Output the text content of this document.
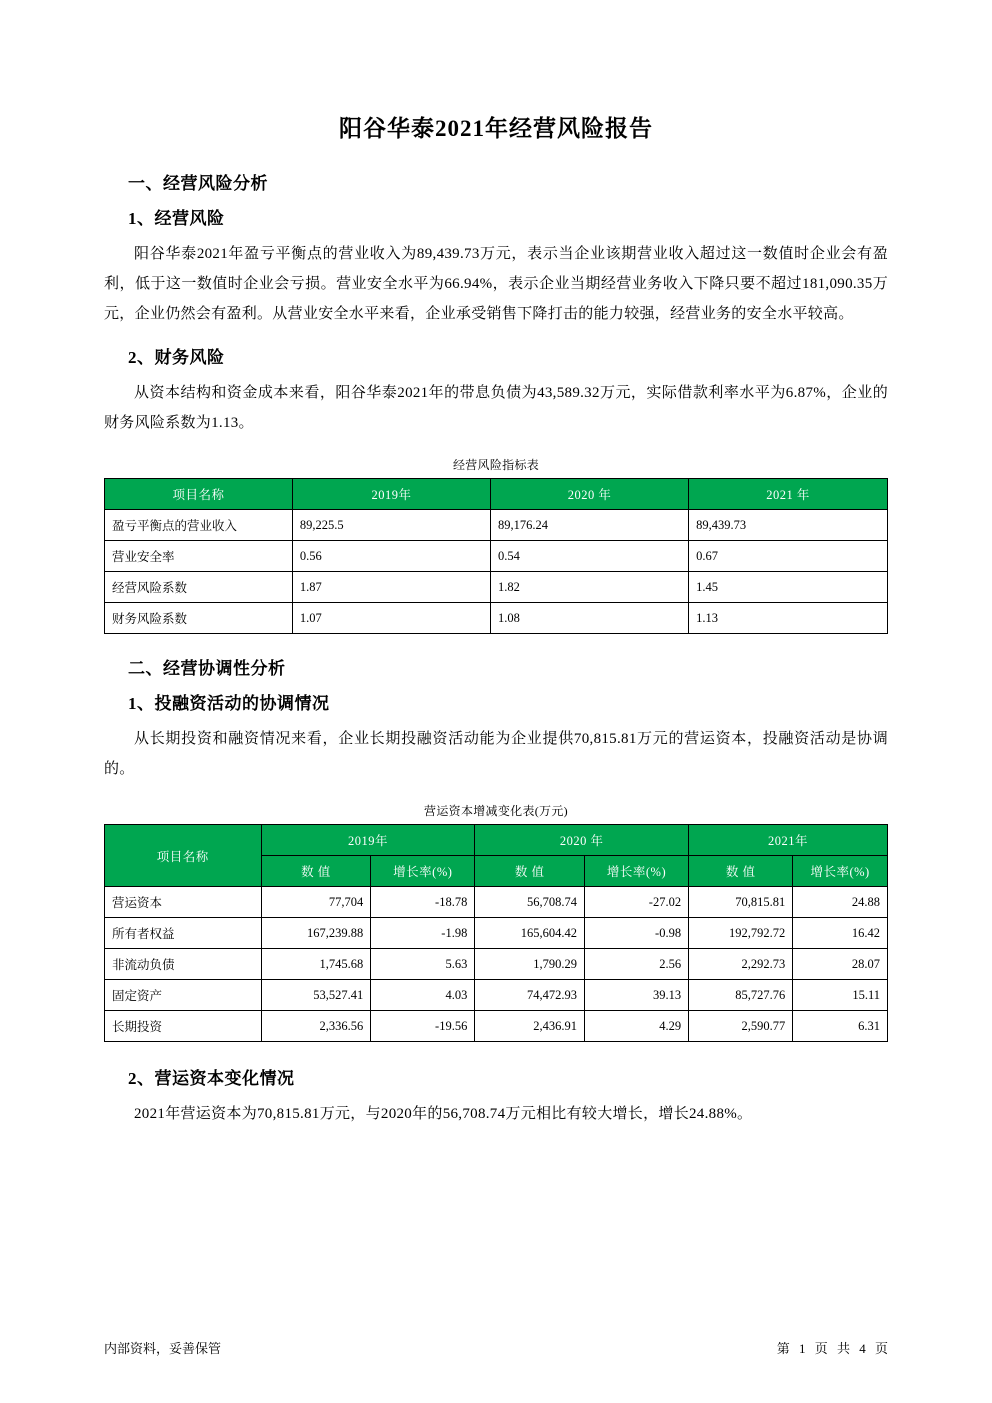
阳谷华泰2021年经营风险报告
一、经营风险分析
1、经营风险

阳谷华泰2021年盈亏平衡点的营业收入为89,439.73万元，表示当企业该期营业收入超过这一数值时企业会有盈利，低于这一数值时企业会亏损。营业安全水平为66.94%，表示企业当期经营业务收入下降只要不超过181,090.35万元，企业仍然会有盈利。从营业安全水平来看，企业承受销售下降打击的能力较强，经营业务的安全水平较高。

2、财务风险

从资本结构和资金成本来看，阳谷华泰2021年的带息负债为43,589.32万元，实际借款利率水平为6.87%，企业的财务风险系数为1.13。

经营风险指标表
项目名称	2019年	2020 年	2021 年
盈亏平衡点的营业收入	89,225.5	89,176.24	89,439.73
营业安全率	0.56	0.54	0.67
经营风险系数	1.87	1.82	1.45
财务风险系数	1.07	1.08	1.13
二、经营协调性分析
1、投融资活动的协调情况

从长期投资和融资情况来看，企业长期投融资活动能为企业提供70,815.81万元的营运资本，投融资活动是协调的。

营运资本增减变化表(万元)
项目名称	2019年		2020 年		2021年	
	数 值	增长率(%)	数 值	增长率(%)	数 值	增长率(%)
营运资本	77,704	-18.78	56,708.74	-27.02	70,815.81	24.88
所有者权益	167,239.88	-1.98	165,604.42	-0.98	192,792.72	16.42
非流动负债	1,745.68	5.63	1,790.29	2.56	2,292.73	28.07
固定资产	53,527.41	4.03	74,472.93	39.13	85,727.76	15.11
长期投资	2,336.56	-19.56	2,436.91	4.29	2,590.77	6.31
2、营运资本变化情况

2021年营运资本为70,815.81万元，与2020年的56,708.74万元相比有较大增长，增长24.88%。

内部资料，妥善保管	第 1 页 共 4 页
